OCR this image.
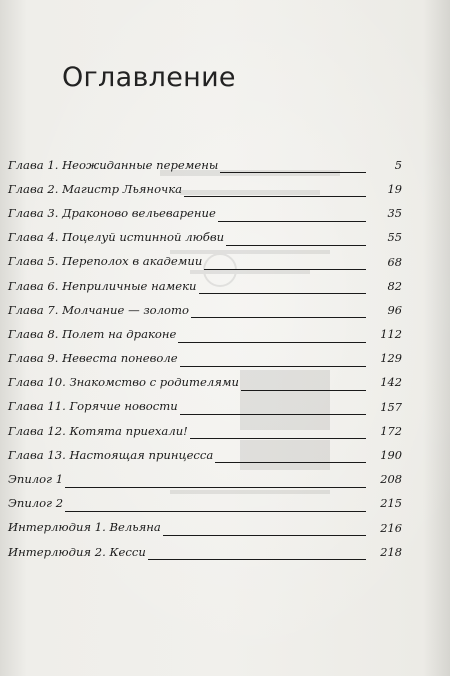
Оглавление
Глава 1. Неожиданные перемены	5
Глава 2. Магистр Льяночка	19
Глава 3. Драконово вельеварение	35
Глава 4. Поцелуй истинной любви	55
Глава 5. Переполох в академии	68
Глава 6. Неприличные намеки	82
Глава 7. Молчание — золото	96
Глава 8. Полет на драконе	112
Глава 9. Невеста поневоле	129
Глава 10. Знакомство с родителями	142
Глава 11. Горячие новости	157
Глава 12. Котята приехали!	172
Глава 13. Настоящая принцесса	190
Эпилог 1	208
Эпилог 2	215
Интерлюдия 1. Вельяна	216
Интерлюдия 2. Кесси	218
